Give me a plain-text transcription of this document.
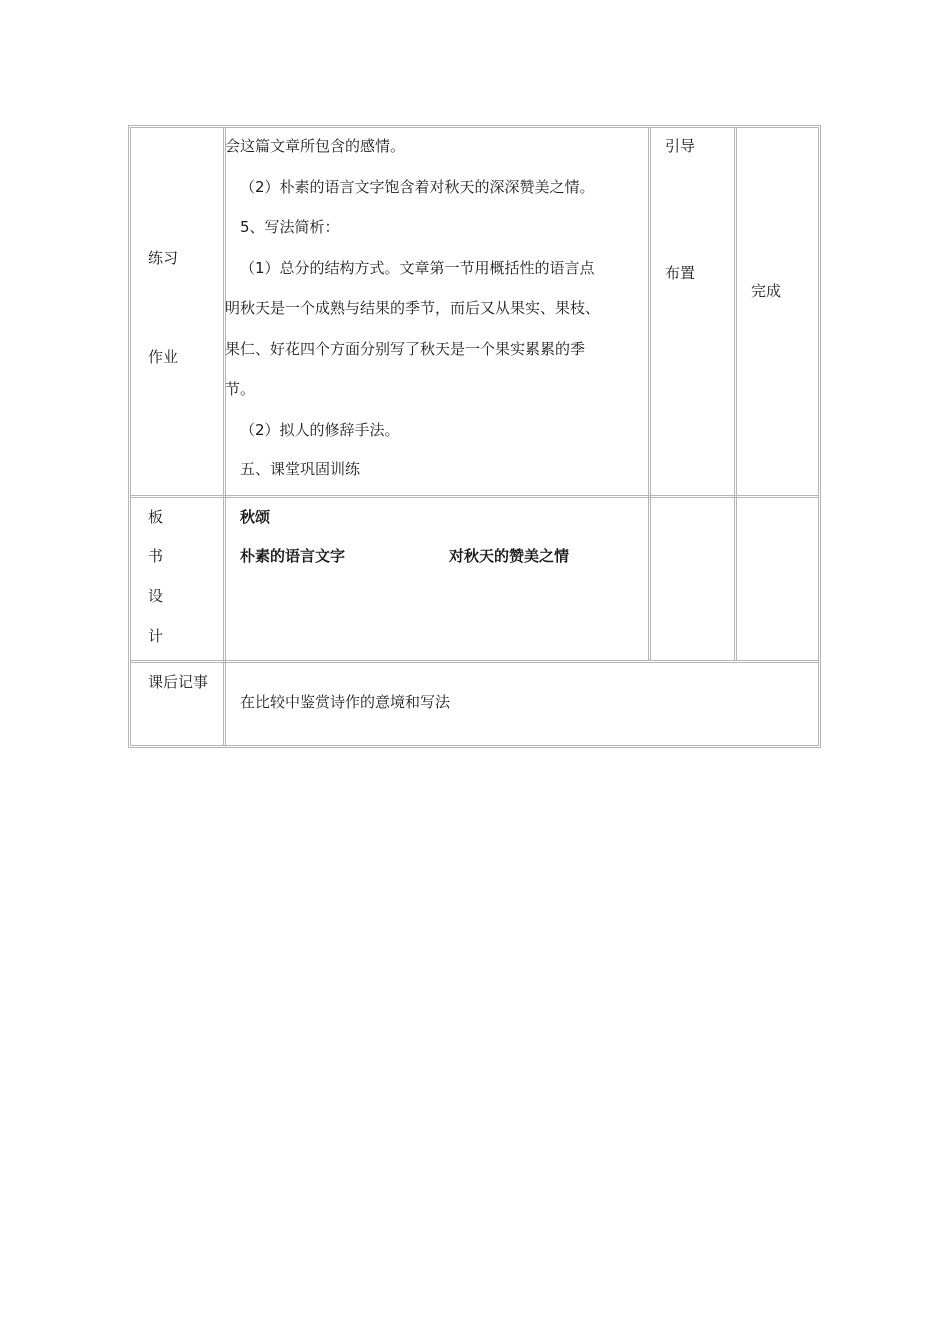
练习
作业
会这篇文章所包含的感情。
（2）朴素的语言文字饱含着对秋天的深深赞美之情。
5、写法简析：
（1）总分的结构方式。文章第一节用概括性的语言点
明秋天是一个成熟与结果的季节，而后又从果实、果枝、
果仁、好花四个方面分别写了秋天是一个果实累累的季
节。
（2）拟人的修辞手法。
五、课堂巩固训练
引导
布置
完成
板
书
设
计
秋颂
朴素的语言文字	对秋天的赞美之情
课后记事
在比较中鉴赏诗作的意境和写法
